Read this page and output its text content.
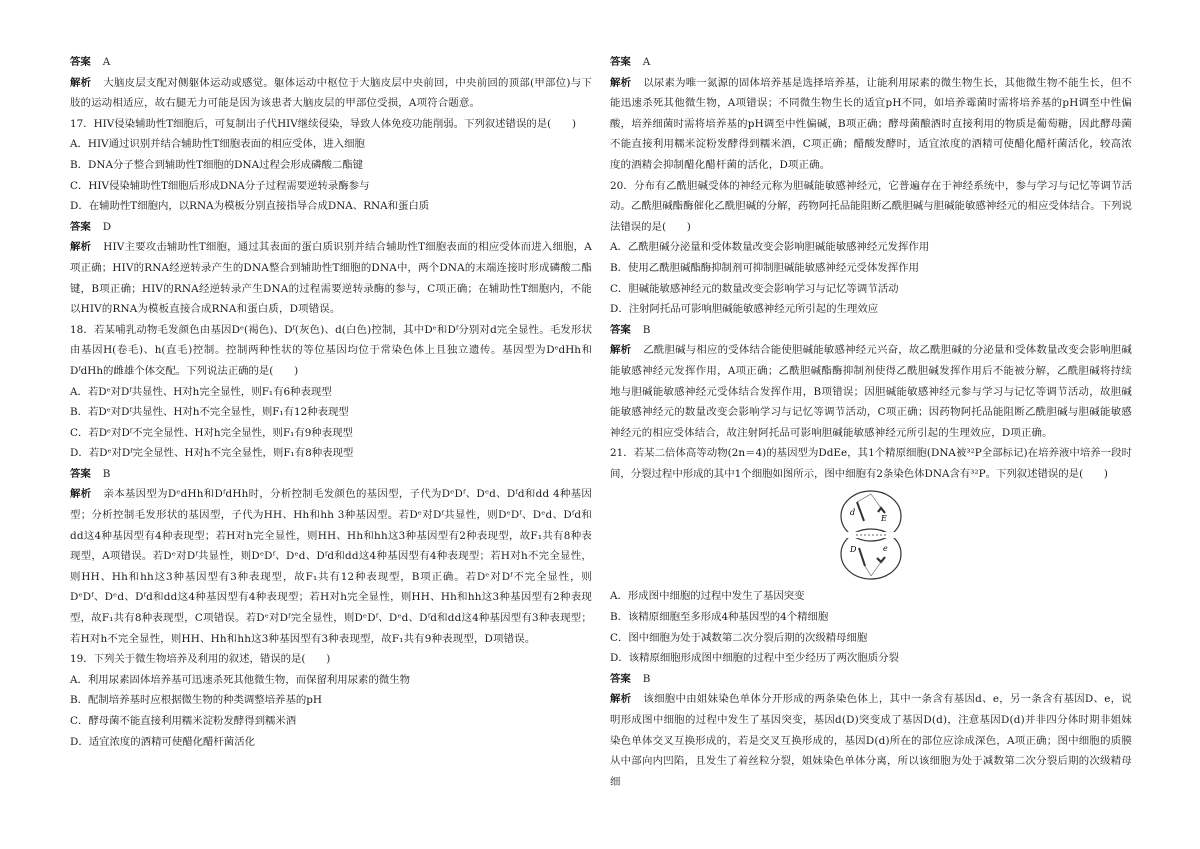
答案 A

解析 大脑皮层支配对侧躯体运动或感觉。躯体运动中枢位于大脑皮层中央前回，中央前回的顶部(甲部位)与下肢的运动相适应，故右腿无力可能是因为该患者大脑皮层的甲部位受损，A项符合题意。

17．HIV侵染辅助性T细胞后，可复制出子代HIV继续侵染，导致人体免疫功能削弱。下列叙述错误的是(　　)

A．HIV通过识别并结合辅助性T细胞表面的相应受体，进入细胞

B．DNA分子整合到辅助性T细胞的DNA过程会形成磷酸二酯键

C．HIV侵染辅助性T细胞后形成DNA分子过程需要逆转录酶参与

D．在辅助性T细胞内，以RNA为模板分别直接指导合成DNA、RNA和蛋白质

答案 D

解析 HIV主要攻击辅助性T细胞，通过其表面的蛋白质识别并结合辅助性T细胞表面的相应受体而进入细胞，A项正确；HIV的RNA经逆转录产生的DNA整合到辅助性T细胞的DNA中，两个DNA的末端连接时形成磷酸二酯键，B项正确；HIV的RNA经逆转录产生DNA的过程需要逆转录酶的参与，C项正确；在辅助性T细胞内，不能以HIV的RNA为模板直接合成RNA和蛋白质，D项错误。

18．若某哺乳动物毛发颜色由基因Dᵉ(褐色)、Dᶠ(灰色)、d(白色)控制，其中Dᵉ和Dᶠ分别对d完全显性。毛发形状由基因H(卷毛)、h(直毛)控制。控制两种性状的等位基因均位于常染色体上且独立遗传。基因型为DᵉdHh和DᶠdHh的雌雄个体交配。下列说法正确的是(　　)

A．若Dᵉ对Dᶠ共显性、H对h完全显性，则F₁有6种表现型

B．若Dᵉ对Dᶠ共显性、H对h不完全显性，则F₁有12种表现型

C．若Dᵉ对Dᶠ不完全显性、H对h完全显性，则F₁有9种表现型

D．若Dᵉ对Dᶠ完全显性、H对h不完全显性，则F₁有8种表现型

答案 B

解析 亲本基因型为DᵉdHh和DᶠdHh时，分析控制毛发颜色的基因型，子代为DᵉDᶠ、Dᵉd、Dᶠd和dd 4种基因型；分析控制毛发形状的基因型，子代为HH、Hh和hh 3种基因型。若Dᵉ对Dᶠ共显性，则DᵉDᶠ、Dᵉd、Dᶠd和dd这4种基因型有4种表现型；若H对h完全显性，则HH、Hh和hh这3种基因型有2种表现型，故F₁共有8种表现型，A项错误。若Dᵉ对Dᶠ共显性，则DᵉDᶠ、Dᵉd、Dᶠd和dd这4种基因型有4种表现型；若H对h不完全显性，则HH、Hh和hh这3种基因型有3种表现型，故F₁共有12种表现型，B项正确。若Dᵉ对Dᶠ不完全显性，则DᵉDᶠ、Dᵉd、Dᶠd和dd这4种基因型有4种表现型；若H对h完全显性，则HH、Hh和hh这3种基因型有2种表现型，故F₁共有8种表现型，C项错误。若Dᵉ对Dᶠ完全显性，则DᵉDᶠ、Dᵉd、Dᶠd和dd这4种基因型有3种表现型；若H对h不完全显性，则HH、Hh和hh这3种基因型有3种表现型，故F₁共有9种表现型，D项错误。

19．下列关于微生物培养及利用的叙述，错误的是(　　)

A．利用尿素固体培养基可迅速杀死其他微生物，而保留利用尿素的微生物

B．配制培养基时应根据微生物的种类调整培养基的pH

C．酵母菌不能直接利用糯米淀粉发酵得到糯米酒

D．适宜浓度的酒精可使醋化醋杆菌活化

答案 A

解析 以尿素为唯一氮源的固体培养基是选择培养基，让能利用尿素的微生物生长，其他微生物不能生长，但不能迅速杀死其他微生物，A项错误；不同微生物生长的适宜pH不同，如培养霉菌时需将培养基的pH调至中性偏酸，培养细菌时需将培养基的pH调至中性偏碱，B项正确；酵母菌酿酒时直接利用的物质是葡萄糖，因此酵母菌不能直接利用糯米淀粉发酵得到糯米酒，C项正确；醋酸发酵时，适宜浓度的酒精可使醋化醋杆菌活化，较高浓度的酒精会抑制醋化醋杆菌的活化，D项正确。

20．分布有乙酰胆碱受体的神经元称为胆碱能敏感神经元，它普遍存在于神经系统中，参与学习与记忆等调节活动。乙酰胆碱酯酶催化乙酰胆碱的分解，药物阿托品能阻断乙酰胆碱与胆碱能敏感神经元的相应受体结合。下列说法错误的是(　　)

A．乙酰胆碱分泌量和受体数量改变会影响胆碱能敏感神经元发挥作用

B．使用乙酰胆碱酯酶抑制剂可抑制胆碱能敏感神经元受体发挥作用

C．胆碱能敏感神经元的数量改变会影响学习与记忆等调节活动

D．注射阿托品可影响胆碱能敏感神经元所引起的生理效应

答案 B

解析 乙酰胆碱与相应的受体结合能使胆碱能敏感神经元兴奋，故乙酰胆碱的分泌量和受体数量改变会影响胆碱能敏感神经元发挥作用，A项正确；乙酰胆碱酯酶抑制剂使得乙酰胆碱发挥作用后不能被分解，乙酰胆碱将持续地与胆碱能敏感神经元受体结合发挥作用，B项错误；因胆碱能敏感神经元参与学习与记忆等调节活动，故胆碱能敏感神经元的数量改变会影响学习与记忆等调节活动，C项正确；因药物阿托品能阻断乙酰胆碱与胆碱能敏感神经元的相应受体结合，故注射阿托品可影响胆碱能敏感神经元所引起的生理效应，D项正确。

21．若某二倍体高等动物(2n＝4)的基因型为DdEe，其1个精原细胞(DNA被³²P全部标记)在培养液中培养一段时间，分裂过程中形成的其中1个细胞如图所示，图中细胞有2条染色体DNA含有³²P。下列叙述错误的是(　　)

d
D
E
e

A．形成图中细胞的过程中发生了基因突变

B．该精原细胞至多形成4种基因型的4个精细胞

C．图中细胞为处于减数第二次分裂后期的次级精母细胞

D．该精原细胞形成图中细胞的过程中至少经历了两次胞质分裂

答案 B

解析 该细胞中由姐妹染色单体分开形成的两条染色体上，其中一条含有基因d、e，另一条含有基因D、e，说明形成图中细胞的过程中发生了基因突变，基因d(D)突变成了基因D(d)，注意基因D(d)并非四分体时期非姐妹染色单体交叉互换形成的，若是交叉互换形成的，基因D(d)所在的部位应涂成深色，A项正确；图中细胞的质膜从中部向内凹陷，且发生了着丝粒分裂，姐妹染色单体分离，所以该细胞为处于减数第二次分裂后期的次级精母细
